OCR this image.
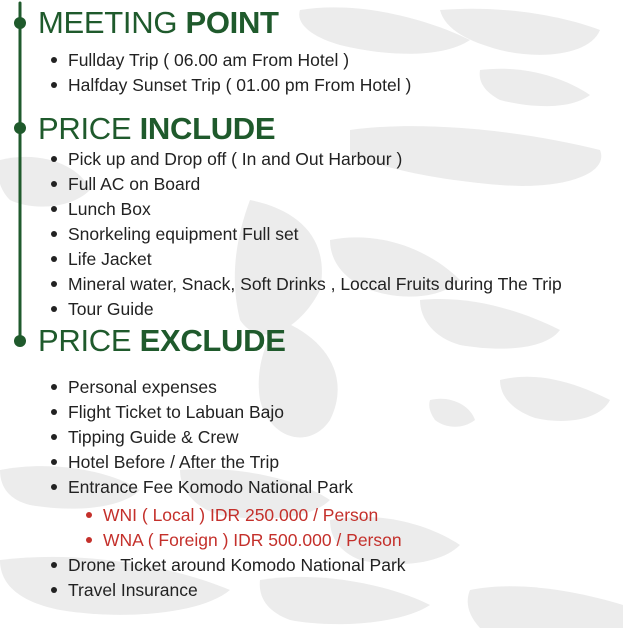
MEETING POINT
Fullday Trip ( 06.00 am From Hotel )
Halfday Sunset Trip ( 01.00 pm From Hotel )
PRICE INCLUDE
Pick up and Drop off ( In and Out Harbour )
Full AC on Board
Lunch Box
Snorkeling equipment Full set
Life Jacket
Mineral water, Snack, Soft Drinks , Loccal Fruits during The Trip
Tour Guide
PRICE EXCLUDE
Personal expenses
Flight Ticket to Labuan Bajo
Tipping Guide & Crew
Hotel Before / After the Trip
Entrance Fee Komodo National Park
WNI ( Local ) IDR 250.000 / Person
WNA ( Foreign ) IDR 500.000 / Person
Drone Ticket around Komodo National Park
Travel Insurance
